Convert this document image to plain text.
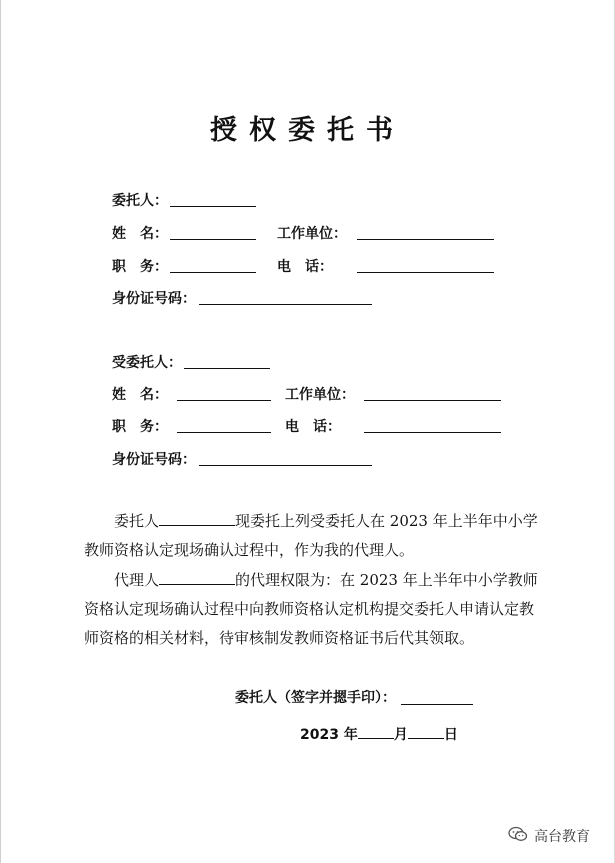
授权委托书
委托人：
姓　名：	工作单位：
职　务：	电　话：
身份证号码：
受委托人：
姓　名：	工作单位：
职　务：	电　话：
身份证号码：
委托人	现委托上列受委托人在 2023 年上半年中小学教师资格认定现场确认过程中，作为我的代理人。
代理人	的代理权限为：在 2023 年上半年中小学教师资格认定现场确认过程中向教师资格认定机构提交委托人申请认定教师资格的相关材料，待审核制发教师资格证书后代其领取。
委托人（签字并摁手印）：
2023 年	月	日
高台教育
